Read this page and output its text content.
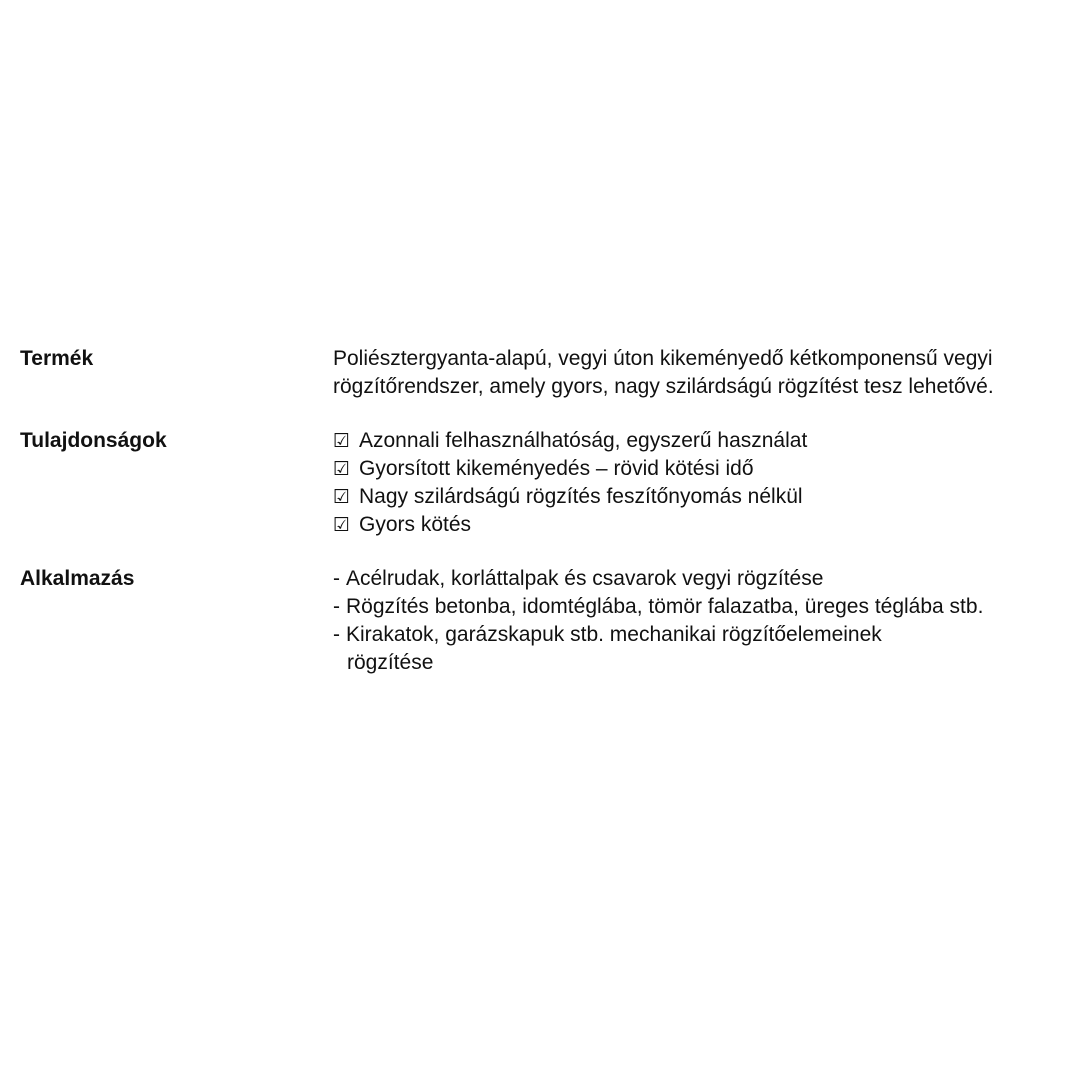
Termék	Poliésztergyanta-alapú, vegyi úton kikeményedő kétkomponensű vegyi rögzítőrendszer, amely gyors, nagy szilárdságú rögzítést tesz lehetővé.

Tulajdonságok	☑ Azonnali felhasználhatóság, egyszerű használat
☑ Gyorsított kikeményedés – rövid kötési idő
☑ Nagy szilárdságú rögzítés feszítőnyomás nélkül
☑ Gyors kötés
Alkalmazás	- Acélrudak, korláttalpak és csavarok vegyi rögzítése
- Rögzítés betonba, idomtéglába, tömör falazatba, üreges téglába stb.
- Kirakatok, garázskapuk stb. mechanikai rögzítőelemeinek
rögzítése
